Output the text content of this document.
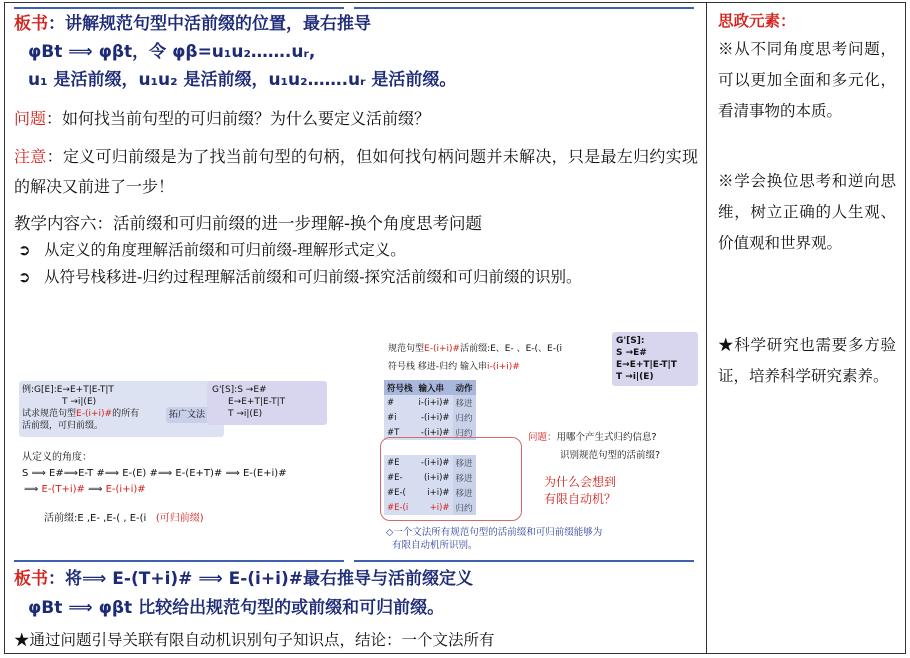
板书：讲解规范句型中活前缀的位置，最右推导
φBt ⟹ φβt，令 φβ=u₁u₂…….uᵣ,
u₁ 是活前缀，u₁u₂ 是活前缀，u₁u₂…….uᵣ 是活前缀。
问题：如何找当前句型的可归前缀？为什么要定义活前缀？
注意：定义可归前缀是为了找当前句型的句柄，但如何找句柄问题并未解决，只是最左归约实现的解决又前进了一步！
教学内容六：活前缀和可归前缀的进一步理解-换个角度思考问题
➲ 从定义的角度理解活前缀和可归前缀-理解形式定义。
➲ 从符号栈移进-归约过程理解活前缀和可归前缀-探究活前缀和可归前缀的识别。
例:G[E]:E→E+T|E-T|T
T →i|(E)
试求规范句型E-(i+i)#的所有
活前缀，可归前缀。
拓广文法
G'[S]:S →E#
E→E+T|E-T|T
T →i|(E)
从定义的角度：
S ⟹ E#⟹E-T #⟹ E-(E) #⟹ E-(E+T)# ⟹ E-(E+i)#
⟹ E-(T+i)# ⟹ E-(i+i)#
活前缀:E ,E- ,E-( , E-(i (可归前缀)
规范句型E-(i+i)#活前缀:E、E- 、E-(、E-(i
符号栈 移进-归约 输入串i-(i+i)#
G'[S]:
S →E#
E→E+T|E-T|T
T →i|(E)
符号栈	输入串	动作
#	i-(i+i)#	移进
#i	-(i+i)#	归约
#T	-(i+i)#	归约

#E	-(i+i)#	移进
#E-	(i+i)#	移进
#E-(	i+i)#	移进
#E-(i	+i)#	归约
问题：用哪个产生式归约信息?
识别规范句型的活前缀?
为什么会想到
有限自动机？
◇一个文法所有规范句型的活前缀和可归前缀能够为
有限自动机所识别。
板书：将⟹ E-(T+i)# ⟹ E-(i+i)#最右推导与活前缀定义
φBt ⟹ φβt 比较给出规范句型的或前缀和可归前缀。
★通过问题引导关联有限自动机识别句子知识点，结论：一个文法所有
思政元素：
※从不同角度思考问题，可以更加全面和多元化，看清事物的本质。
※学会换位思考和逆向思维，树立正确的人生观、价值观和世界观。
★科学研究也需要多方验证，培养科学研究素养。
